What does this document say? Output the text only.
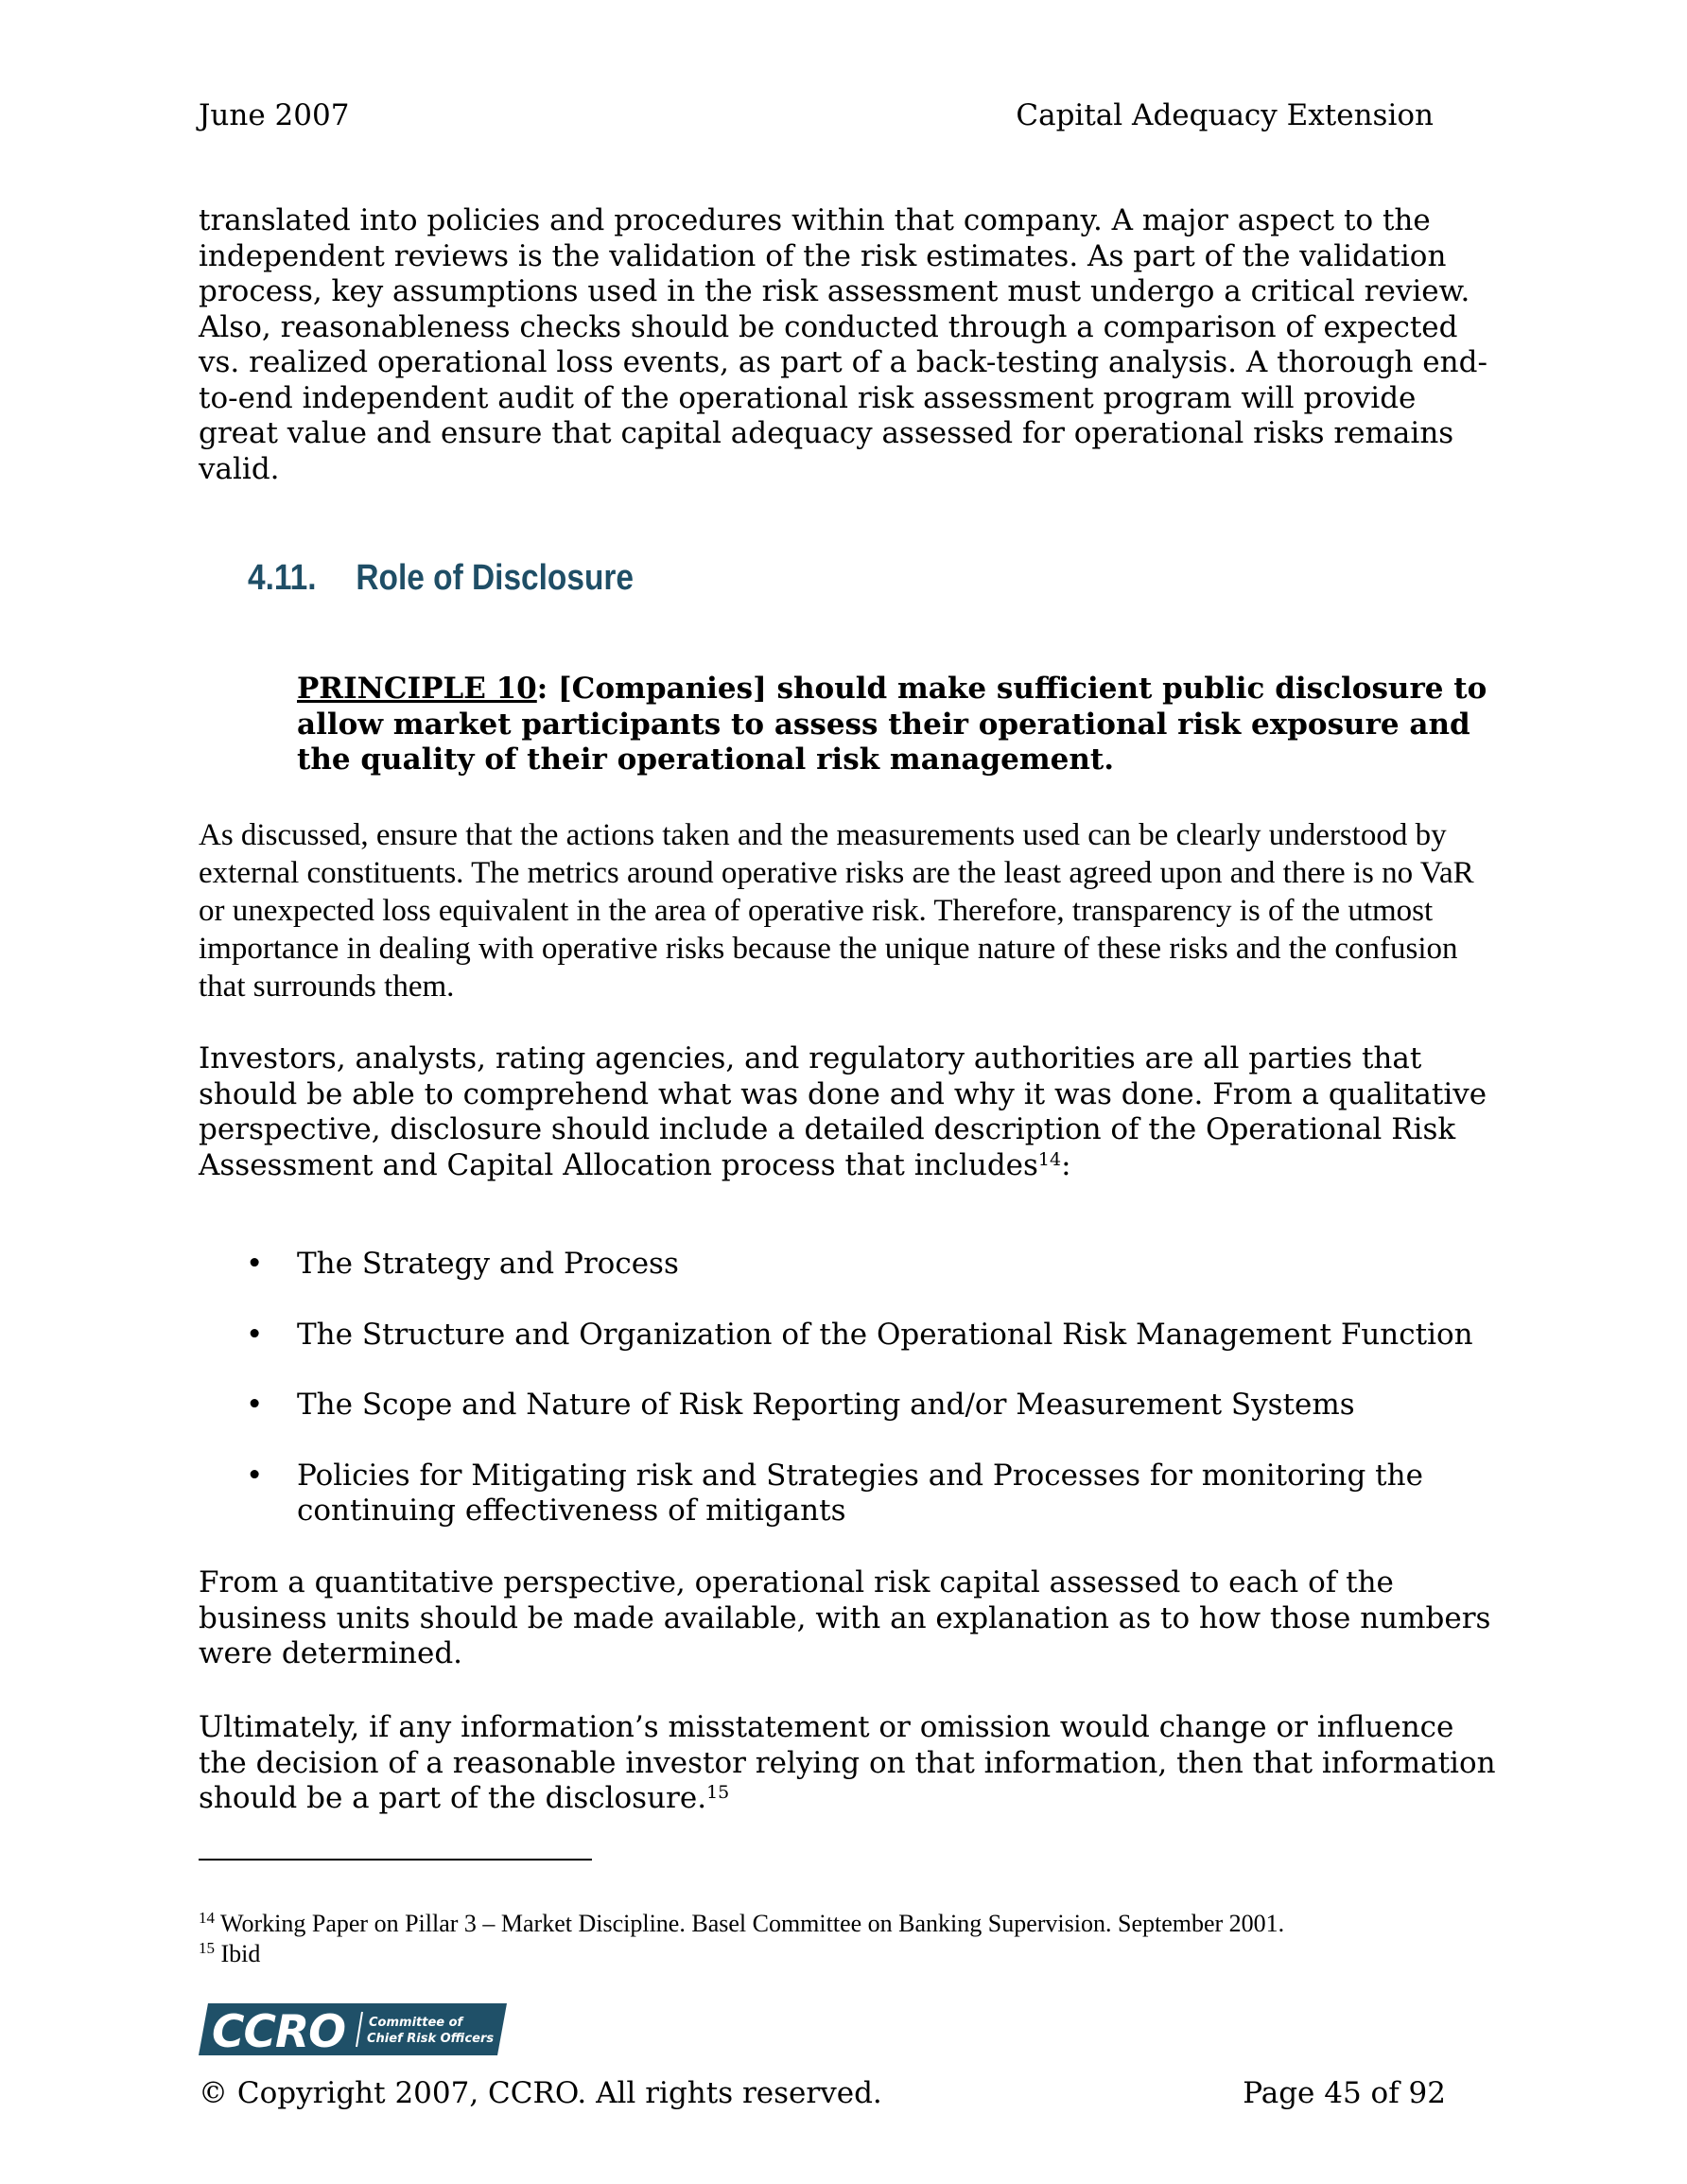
June 2007	Capital Adequacy Extension
translated into policies and procedures within that company. A major aspect to the independent reviews is the validation of the risk estimates. As part of the validation process, key assumptions used in the risk assessment must undergo a critical review. Also, reasonableness checks should be conducted through a comparison of expected vs. realized operational loss events, as part of a back-testing analysis. A thorough end-to-end independent audit of the operational risk assessment program will provide great value and ensure that capital adequacy assessed for operational risks remains valid.
4.11. Role of Disclosure
PRINCIPLE 10: [Companies] should make sufficient public disclosure to allow market participants to assess their operational risk exposure and the quality of their operational risk management.
As discussed, ensure that the actions taken and the measurements used can be clearly understood by external constituents. The metrics around operative risks are the least agreed upon and there is no VaR or unexpected loss equivalent in the area of operative risk. Therefore, transparency is of the utmost importance in dealing with operative risks because the unique nature of these risks and the confusion that surrounds them.
Investors, analysts, rating agencies, and regulatory authorities are all parties that should be able to comprehend what was done and why it was done. From a qualitative perspective, disclosure should include a detailed description of the Operational Risk Assessment and Capital Allocation process that includes$^{14}$:
• The Strategy and Process
• The Structure and Organization of the Operational Risk Management Function
• The Scope and Nature of Risk Reporting and/or Measurement Systems
• Policies for Mitigating risk and Strategies and Processes for monitoring the continuing effectiveness of mitigants
From a quantitative perspective, operational risk capital assessed to each of the business units should be made available, with an explanation as to how those numbers were determined.
Ultimately, if any information’s misstatement or omission would change or influence the decision of a reasonable investor relying on that information, then that information should be a part of the disclosure.$^{15}$
$^{14}$ Working Paper on Pillar 3 – Market Discipline. Basel Committee on Banking Supervision. September 2001.
$^{15}$ Ibid
CCRO Committee of
Chief Risk Officers
© Copyright 2007, CCRO. All rights reserved.	Page 45 of 92
